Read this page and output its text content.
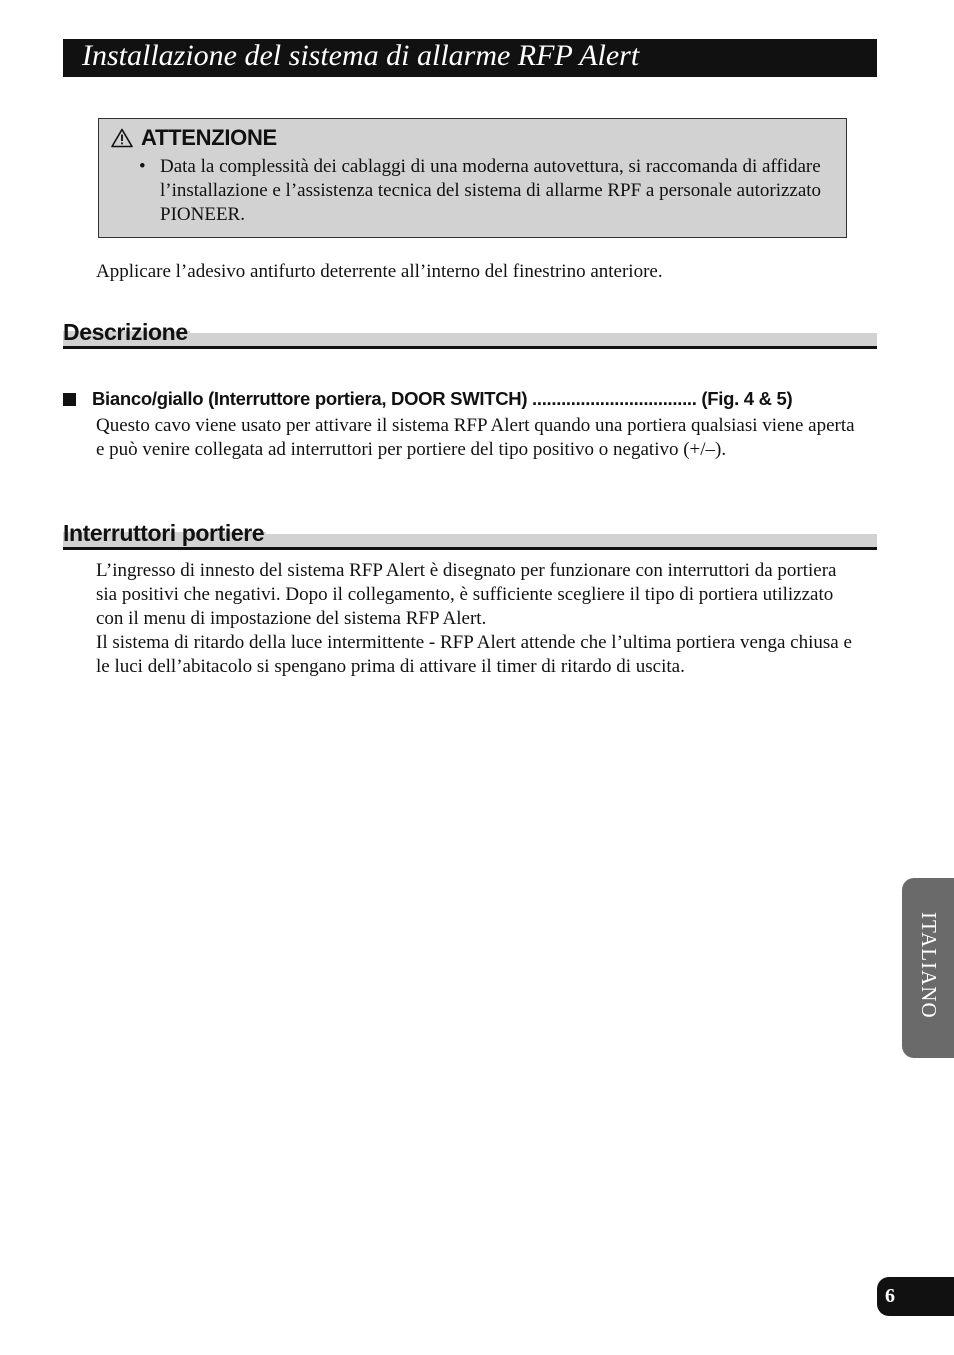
Installazione del sistema di allarme RFP Alert
ATTENZIONE
• Data la complessità dei cablaggi di una moderna autovettura, si raccomanda di affidare l’installazione e l’assistenza tecnica del sistema di allarme RPF a personale autorizzato PIONEER.
Applicare l’adesivo antifurto deterrente all’interno del finestrino anteriore.
Descrizione
Bianco/giallo (Interruttore portiera, DOOR SWITCH) .................................. (Fig. 4 & 5)
Questo cavo viene usato per attivare il sistema RFP Alert quando una portiera qualsiasi viene aperta e può venire collegata ad interruttori per portiere del tipo positivo o negativo (+/–).
Interruttori portiere
L’ingresso di innesto del sistema RFP Alert è disegnato per funzionare con interruttori da portiera sia positivi che negativi. Dopo il collegamento, è sufficiente scegliere il tipo di portiera utilizzato con il menu di impostazione del sistema RFP Alert.
Il sistema di ritardo della luce intermittente - RFP Alert attende che l’ultima portiera venga chiusa e le luci dell’abitacolo si spengano prima di attivare il timer di ritardo di uscita.
ITALIANO
6
